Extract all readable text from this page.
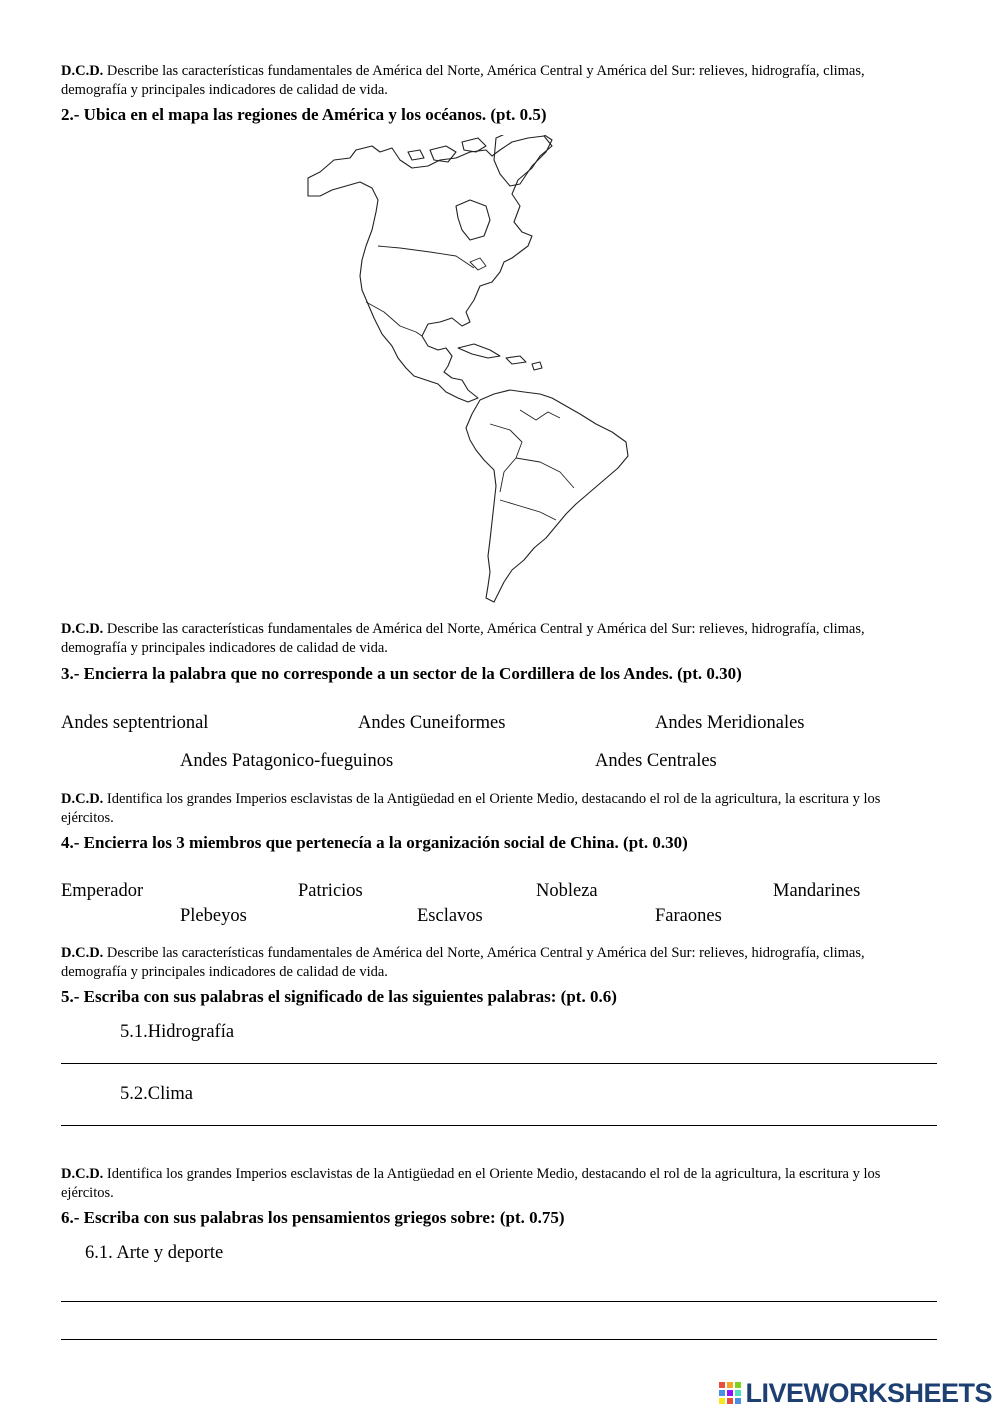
D.C.D. Describe las características fundamentales de América del Norte, América Central y América del Sur: relieves, hidrografía, climas, demografía y principales indicadores de calidad de vida.
2.- Ubica en el mapa las regiones de América y los océanos. (pt. 0.5)
D.C.D. Describe las características fundamentales de América del Norte, América Central y América del Sur: relieves, hidrografía, climas, demografía y principales indicadores de calidad de vida.
3.- Encierra la palabra que no corresponde a un sector de la Cordillera de los Andes. (pt. 0.30)
Andes septentrional	Andes Cuneiformes	Andes Meridionales
Andes Patagonico-fueguinos	Andes Centrales
D.C.D. Identifica los grandes Imperios esclavistas de la Antigüedad en el Oriente Medio, destacando el rol de la agricultura, la escritura y los ejércitos.
4.- Encierra los 3 miembros que pertenecía a la organización social de China. (pt. 0.30)
Emperador	Patricios	Nobleza	Mandarines
Plebeyos	Esclavos	Faraones
D.C.D. Describe las características fundamentales de América del Norte, América Central y América del Sur: relieves, hidrografía, climas, demografía y principales indicadores de calidad de vida.
5.- Escriba con sus palabras el significado de las siguientes palabras: (pt. 0.6)
5.1.Hidrografía
5.2.Clima
D.C.D. Identifica los grandes Imperios esclavistas de la Antigüedad en el Oriente Medio, destacando el rol de la agricultura, la escritura y los ejércitos.
6.- Escriba con sus palabras los pensamientos griegos sobre: (pt. 0.75)
6.1. Arte y deporte
LIVEWORKSHEETS
